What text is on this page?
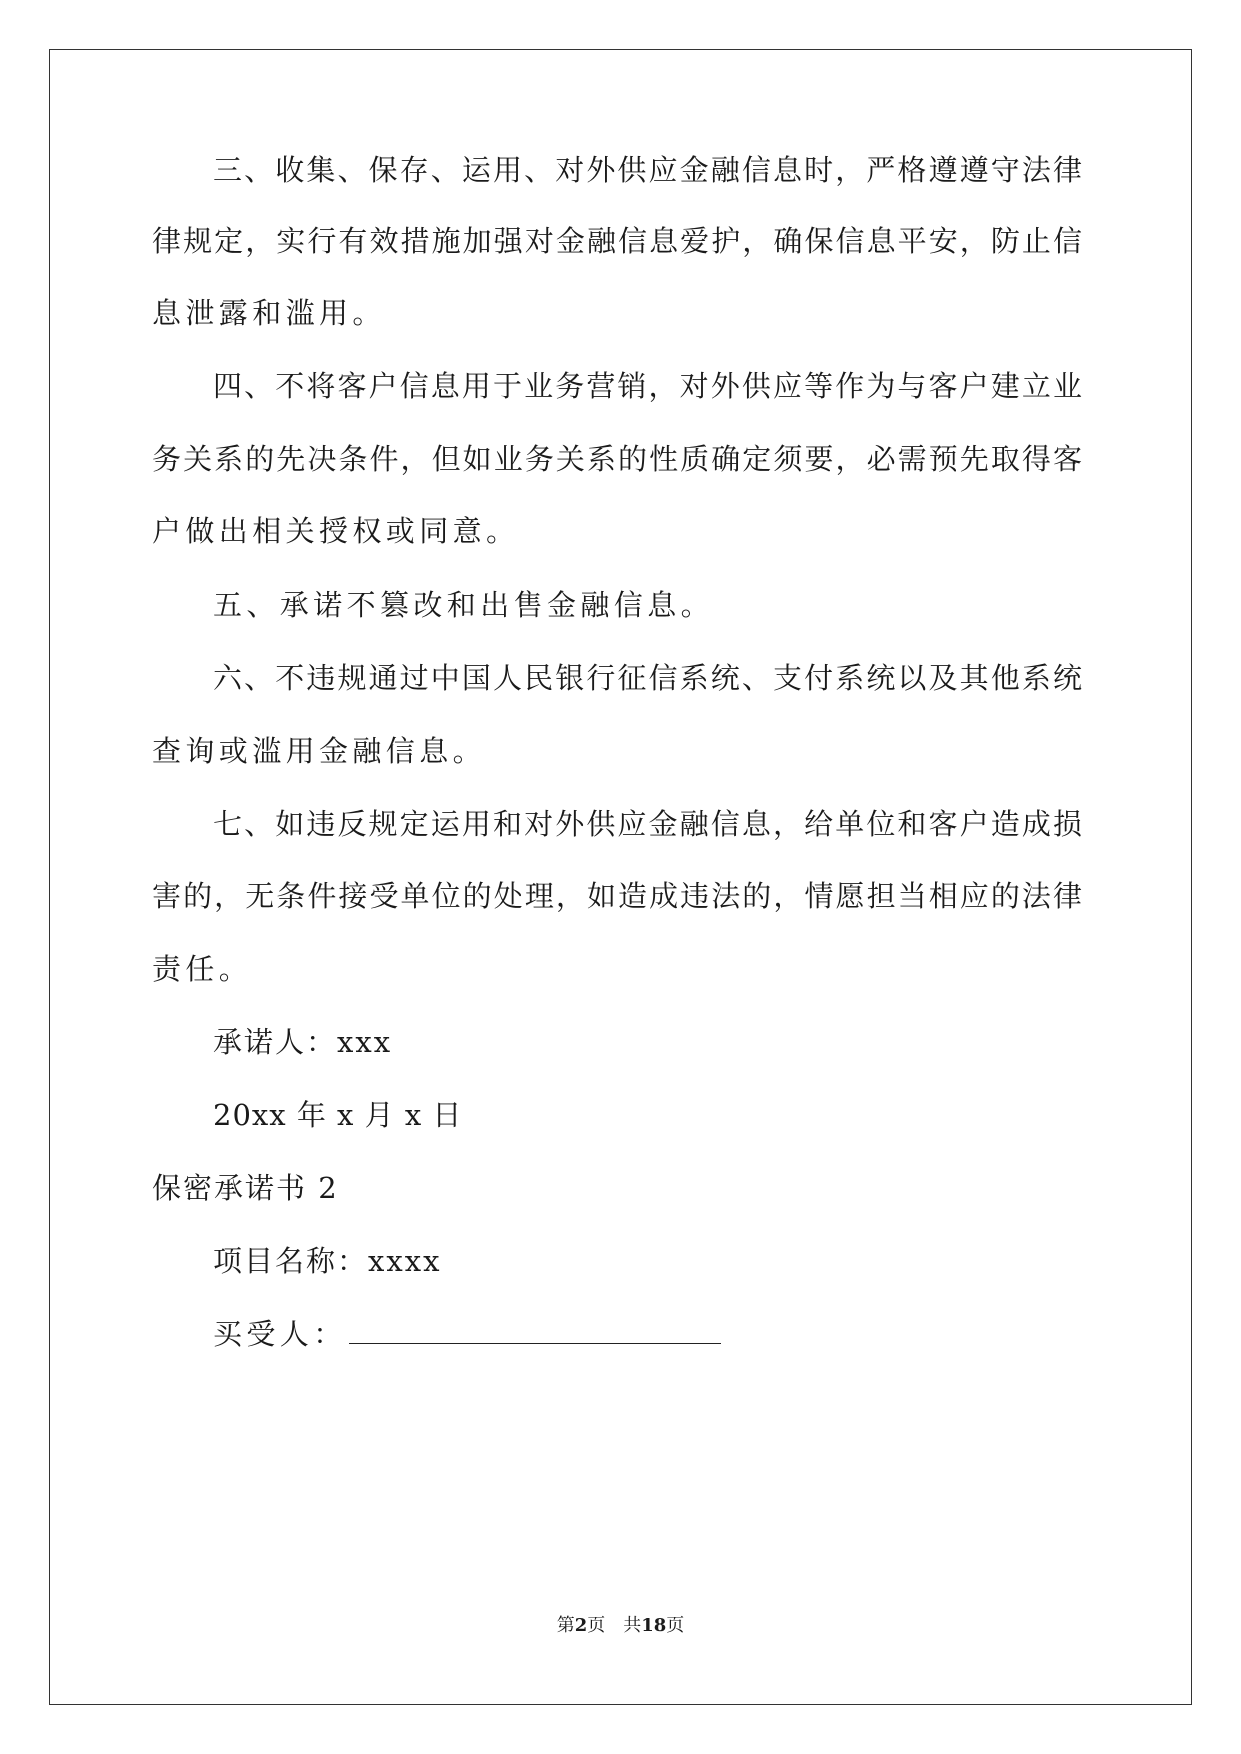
三、收集、保存、运用、对外供应金融信息时，严格遵遵守法律
律规定，实行有效措施加强对金融信息爱护，确保信息平安，防止信
息泄露和滥用。
四、不将客户信息用于业务营销，对外供应等作为与客户建立业
务关系的先决条件，但如业务关系的性质确定须要，必需预先取得客
户做出相关授权或同意。
五、承诺不篡改和出售金融信息。
六、不违规通过中国人民银行征信系统、支付系统以及其他系统
查询或滥用金融信息。
七、如违反规定运用和对外供应金融信息，给单位和客户造成损
害的，无条件接受单位的处理，如造成违法的，情愿担当相应的法律
责任。
承诺人：xxx
20xx 年 x 月 x 日
保密承诺书 2
项目名称：xxxx
买受人：
第2页　共18页
